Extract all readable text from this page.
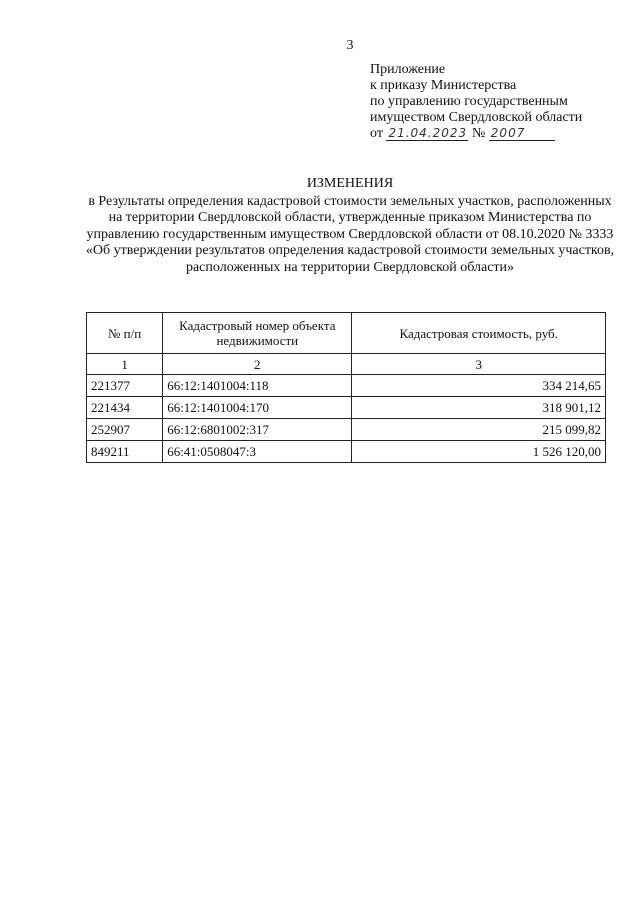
3
Приложение
к приказу Министерства
по управлению государственным
имуществом Свердловской области
от 21.04.2023 № 2007
ИЗМЕНЕНИЯ
в Результаты определения кадастровой стоимости земельных участков, расположенных на территории Свердловской области, утвержденные приказом Министерства по управлению государственным имуществом Свердловской области от 08.10.2020 № 3333 «Об утверждении результатов определения кадастровой стоимости земельных участков, расположенных на территории Свердловской области»
№ п/п	Кадастровый номер объекта недвижимости	Кадастровая стоимость, руб.
1	2	3
221377	66:12:1401004:118	334 214,65
221434	66:12:1401004:170	318 901,12
252907	66:12:6801002:317	215 099,82
849211	66:41:0508047:3	1 526 120,00
